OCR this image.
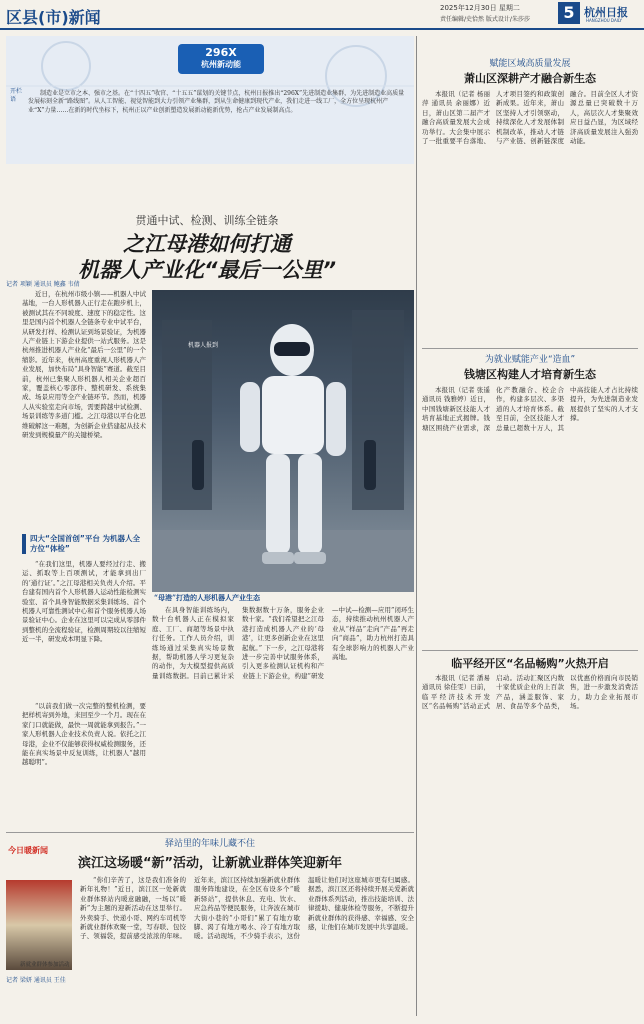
区县(市)新闻	2025年12月30日 星期二
责任编辑/史恰然 版式设计/朱莎莎	5 杭州日报
HANGZHOU DAILY
296X
杭州新动能
开栏语
制造业是立市之本、强市之基。在“十四五”收官、“十五五”谋划的关键节点，杭州日报推出“296X”先进制造业集群，为先进制造业高质量发展标刻全新“路线图”。从人工智能、视觉智能到大力引领产业集群，到从生命健康到现代产业，我们走进一线工厂，全方位呈现杭州产业“X”力量……在新的时代坐标下，杭州正以产业创新塑造发展新动能新优势，抢占产业发展制高点。
贯通中试、检测、训练全链条
之江母港如何打通
机器人产业化“最后一公里”
记者 项颖 通讯员 鲍鑫 韦倩
近日，在杭州市级小镇——机器人中试基地，一台人形机器人正行走在跑步机上，被测试其在不同坡度、速度下的稳定性。这里是国内首个机器人全链条专业中试平台，从研发打样、检测认证到场景验证，为机器人产业链上下游企业提供一站式服务。这是杭州推进机器人产业化“最后一公里”的一个缩影。近年来，杭州高度重视人形机器人产业发展，加快布局“具身智能”赛道。截至目前，杭州已集聚人形机器人相关企业超百家，覆盖核心零部件、整机研发、系统集成、场景应用等全产业链环节。然而，机器人从实验室走向市场，需要跨越中试检测、场景训练等多道门槛。之江母港以平台化思维破解这一难题，为创新企业搭建起从技术研发到规模量产的关键桥梁。
四大“全国首创”平台 为机器人全方位“体检”
“在我们这里，机器人要经过行走、搬运、抓取等上百项测试，才能拿到出厂的‘通行证’。”之江母港相关负责人介绍。平台建有国内首个人形机器人运动性能检测实验室、首个具身智能数据采集训练场、首个机器人可靠性测试中心和首个服务机器人场景验证中心。企业在这里可以完成从零部件到整机的全流程验证，检测周期较以往缩短近一半，研发成本明显下降。
“以前我们做一次完整的整机检测，要把样机寄到外地，来回至少一个月。现在在家门口就能做，最快一周就能拿到报告。”一家人形机器人企业技术负责人说。依托之江母港，企业不仅能够获得权威检测服务，还能在真实场景中反复训练，让机器人“越用越聪明”。
机器人报到
“母港”打造的人形机器人产业生态
在具身智能训练场内，数十台机器人正在模拟家庭、工厂、商超等场景中执行任务。工作人员介绍，训练场通过采集真实场景数据，帮助机器人学习更复杂的动作，为大模型提供高质量训练数据。目前已累计采集数据数十万条，服务企业数十家。“我们希望把之江母港打造成机器人产业的‘母港’，让更多创新企业在这里起航。” 下一步，之江母港将进一步完善中试服务体系，引入更多检测认证机构和产业链上下游企业，构建“研发—中试—检测—应用”闭环生态，持续推动杭州机器人产业从“样品”走向“产品”再走向“商品”，助力杭州打造具有全球影响力的机器人产业高地。
赋能区域高质量发展
萧山区深耕产才融合新生态
本报讯（记者 杨丽萍 通讯员 余丽娜）近日，萧山区第二届产才融合高质量发展大会成功举行。大会集中展示了一批重要平台落地、人才项目签约和政策创新成果。近年来，萧山区坚持人才引领驱动，持续深化人才发展体制机制改革，推动人才链与产业链、创新链深度融合。目前全区人才资源总量已突破数十万人，高层次人才集聚效应日益凸显，为区域经济高质量发展注入强劲动能。
为就业赋能产业“造血”
钱塘区构建人才培育新生态
本报讯（记者 张遥 通讯员 钱雅婷）近日，中国钱塘新区技能人才培育基地正式揭牌。钱塘区围绕产业需求，深化产教融合、校企合作，构建多层次、多渠道的人才培育体系。截至目前，全区技能人才总量已超数十万人，其中高技能人才占比持续提升，为先进制造业发展提供了坚实的人才支撑。
临平经开区“名品畅购”火热开启
本报讯（记者 潘易 通讯员 徐佳雯）日前，临平经济技术开发区“名品畅购”活动正式启动。活动汇聚区内数十家优质企业的上百款产品，涵盖服饰、家居、食品等多个品类，以优惠价格面向市民销售，进一步激发消费活力，助力企业拓展市场。
驿站里的年味儿藏不住
滨江这场暖“新”活动，让新就业群体笑迎新年
今日暖新闻
新就业群体参加活动
记者 梁妍 通讯员 王佳
“你们辛苦了，这是我们准备的新年礼物！”近日，滨江区一处新就业群体驿站内暖意融融，一场以“暖新”为主题的迎新活动在这里举行。外卖骑手、快递小哥、网约车司机等新就业群体欢聚一堂，写春联、包饺子、领福袋，提前感受浓浓的年味。 近年来，滨江区持续加强新就业群体服务阵地建设，在全区布设多个“暖新驿站”，提供休息、充电、饮水、应急药品等便民服务，让奔波在城市大街小巷的“小哥们”累了有地方歇脚、渴了有地方喝水、冷了有地方取暖。活动现场，不少骑手表示，这份温暖让他们对这座城市更有归属感。 据悉，滨江区还将持续开展关爱新就业群体系列活动，推出技能培训、法律援助、健康体检等服务，不断提升新就业群体的获得感、幸福感、安全感，让他们在城市发展中共享温暖。
